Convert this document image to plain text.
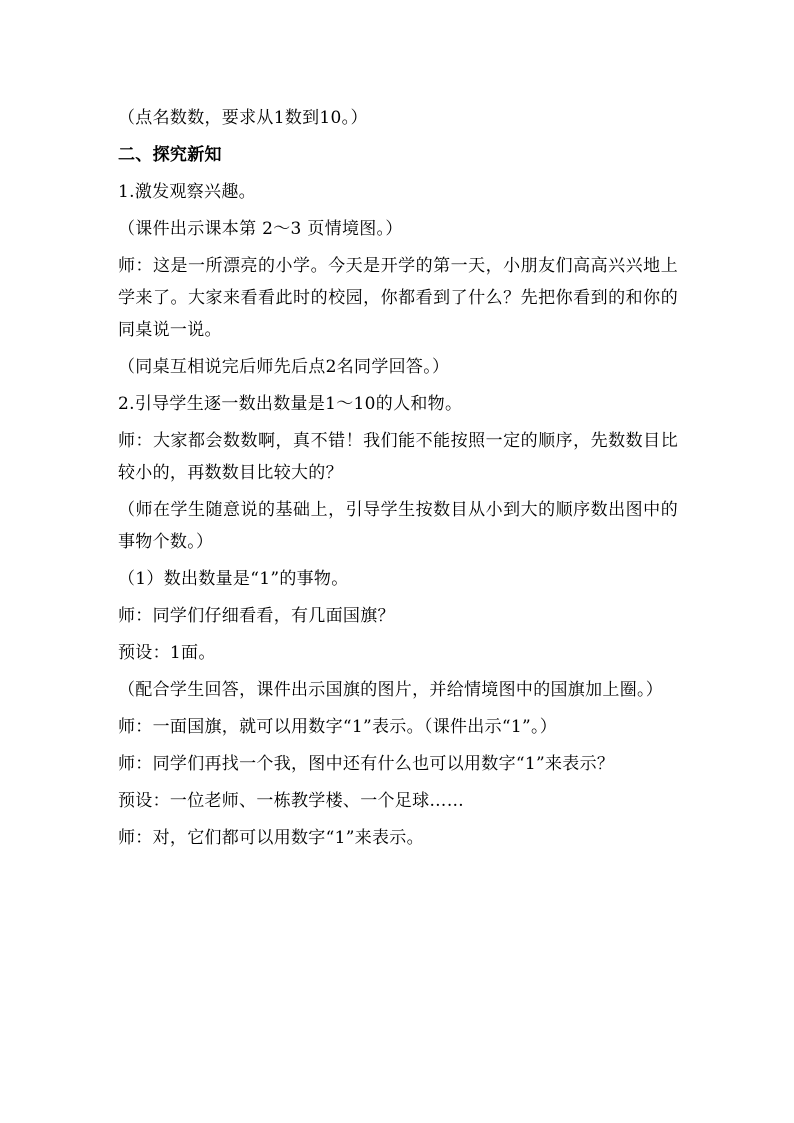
（点名数数，要求从1数到10。）

二、探究新知

1.激发观察兴趣。

（课件出示课本第 2～3 页情境图。）

师：这是一所漂亮的小学。今天是开学的第一天，小朋友们高高兴兴地上学来了。大家来看看此时的校园，你都看到了什么？先把你看到的和你的同桌说一说。

（同桌互相说完后师先后点2名同学回答。）

2.引导学生逐一数出数量是1～10的人和物。

师：大家都会数数啊，真不错！我们能不能按照一定的顺序，先数数目比较小的，再数数目比较大的？

（师在学生随意说的基础上，引导学生按数目从小到大的顺序数出图中的事物个数。）

（1）数出数量是“1”的事物。

师：同学们仔细看看，有几面国旗？

预设：1面。

（配合学生回答，课件出示国旗的图片，并给情境图中的国旗加上圈。）

师：一面国旗，就可以用数字“1”表示。（课件出示“1”。）

师：同学们再找一个我，图中还有什么也可以用数字“1”来表示？

预设：一位老师、一栋教学楼、一个足球……

师：对，它们都可以用数字“1”来表示。
